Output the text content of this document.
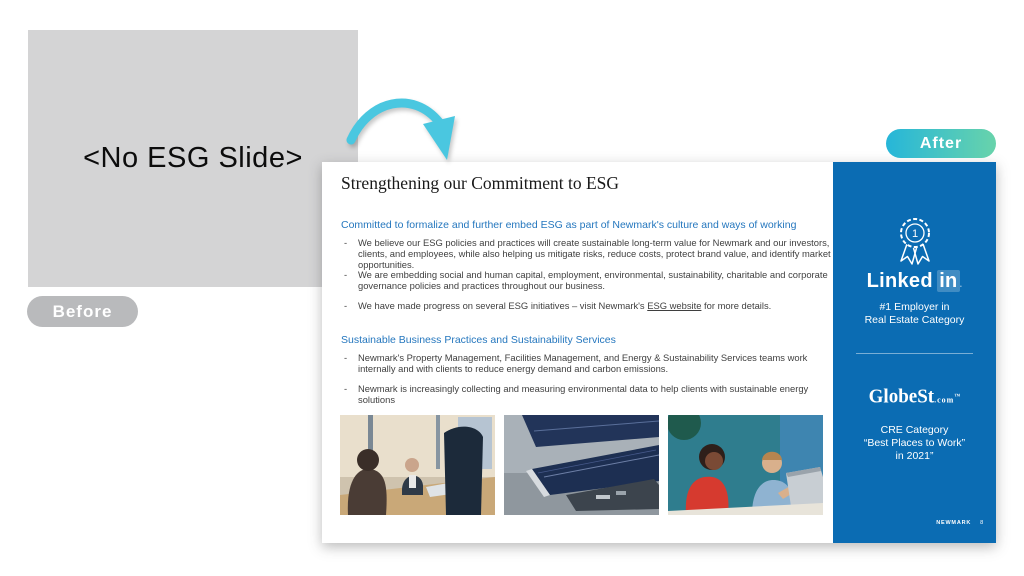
<No ESG Slide>
Before
After
Strengthening our Commitment to ESG
Committed to formalize and further embed ESG as part of Newmark's culture and ways of working
-	We believe our ESG policies and practices will create sustainable long-term value for Newmark and our investors, clients, and employees, while also helping us mitigate risks, reduce costs, protect brand value, and identify market opportunities.
-	We are embedding social and human capital, employment, environmental, sustainability, charitable and corporate governance policies and practices throughout our business.
-	We have made progress on several ESG initiatives – visit Newmark's ESG website for more details.
Sustainable Business Practices and Sustainability Services
-	Newmark's Property Management, Facilities Management, and Energy & Sustainability Services teams work internally and with clients to reduce energy demand and carbon emissions.
-	Newmark is increasingly collecting and measuring environmental data to help clients with sustainable energy solutions
1
Linked  in .
#1 Employer in
Real Estate Category
GlobeSt.com™
CRE Category
“Best Places to Work”
in 2021”
NEWMARK 8
